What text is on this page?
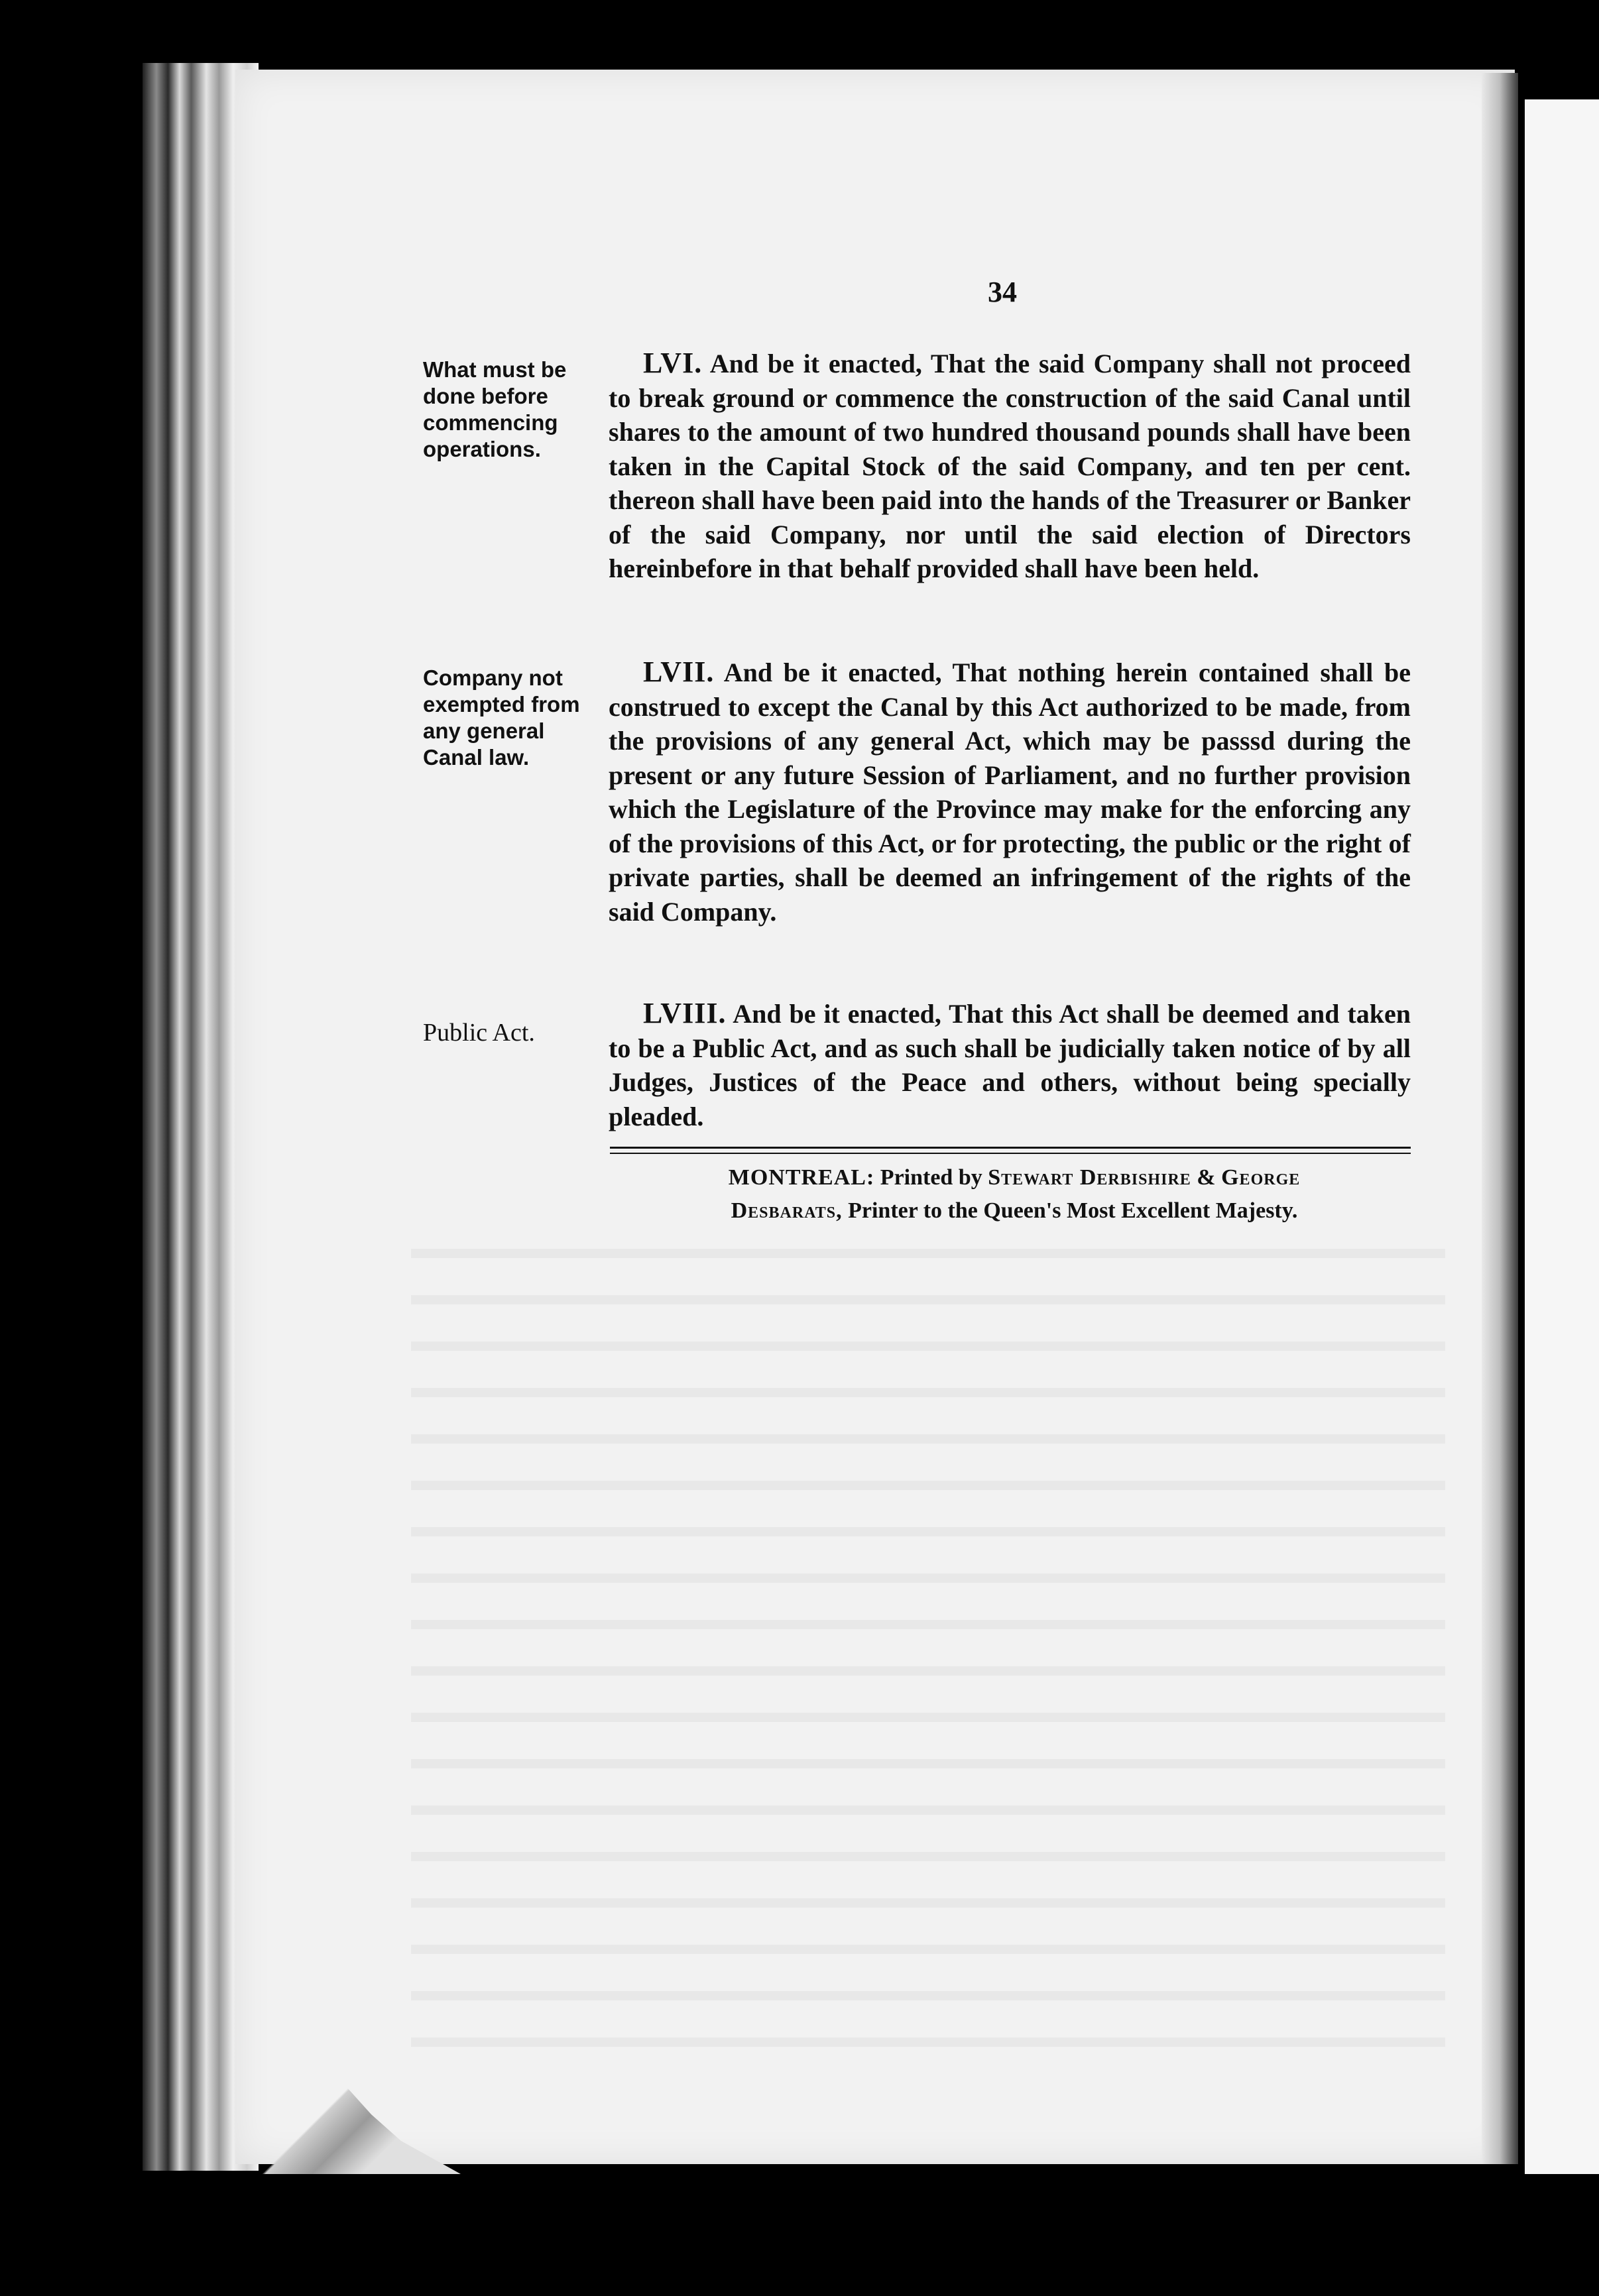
34
What must be done before commencing operations.
LVI. And be it enacted, That the said Company shall not proceed to break ground or commence the construction of the said Canal until shares to the amount of two hundred thousand pounds shall have been taken in the Capital Stock of the said Company, and ten per cent. thereon shall have been paid into the hands of the Treasurer or Banker of the said Company, nor until the said election of Directors hereinbefore in that behalf provided shall have been held.
Company not exempted from any general Canal law.
LVII. And be it enacted, That nothing herein contained shall be construed to except the Canal by this Act authorized to be made, from the provisions of any general Act, which may be passsd during the present or any future Session of Parliament, and no further provision which the Legislature of the Province may make for the enforcing any of the provisions of this Act, or for protecting, the public or the right of private parties, shall be deemed an infringement of the rights of the said Company.
Public Act.
LVIII. And be it enacted, That this Act shall be deemed and taken to be a Public Act, and as such shall be judicially taken notice of by all Judges, Justices of the Peace and others, without being specially pleaded.
MONTREAL: Printed by Stewart Derbishire & George
Desbarats, Printer to the Queen's Most Excellent Majesty.
